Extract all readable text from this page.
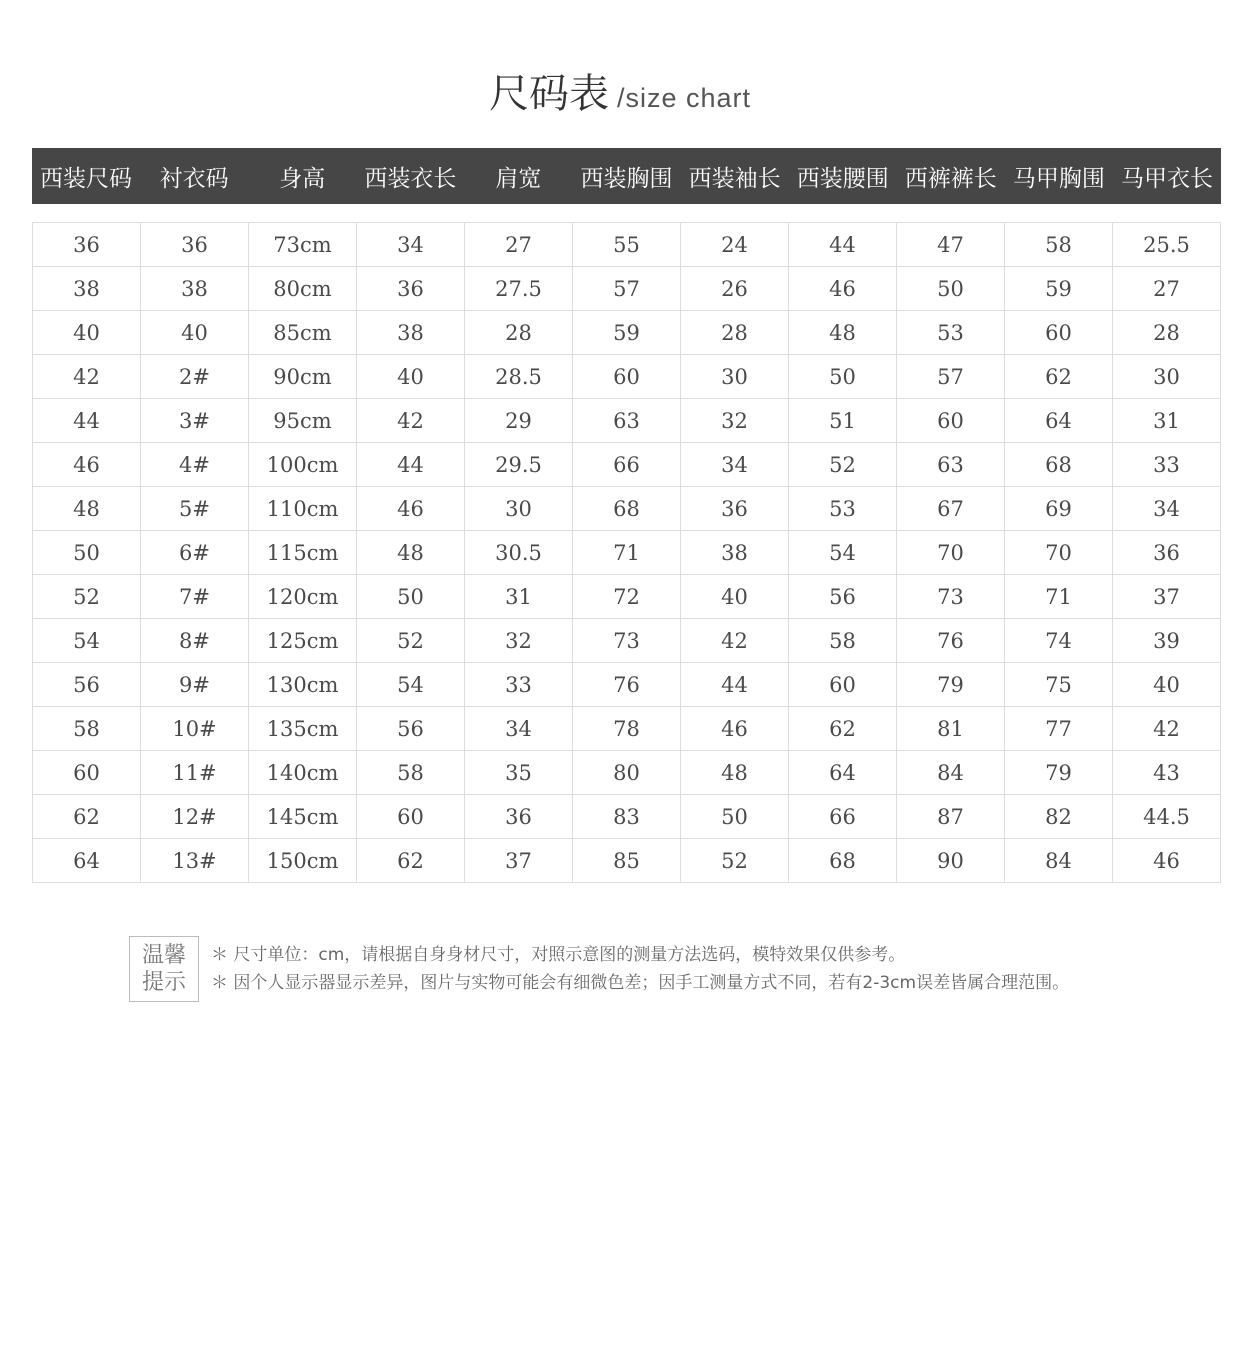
尺码表 /size chart
西装尺码	衬衣码	身高	西装衣长	肩宽	西装胸围 西装袖长 西装腰围 西裤裤长 马甲胸围 马甲衣长
36	36	73cm	34	27	55	24	44	47	58	25.5
38	38	80cm	36	27.5	57	26	46	50	59	27
40	40	85cm	38	28	59	28	48	53	60	28
42	2#	90cm	40	28.5	60	30	50	57	62	30
44	3#	95cm	42	29	63	32	51	60	64	31
46	4#	100cm	44	29.5	66	34	52	63	68	33
48	5#	110cm	46	30	68	36	53	67	69	34
50	6#	115cm	48	30.5	71	38	54	70	70	36
52	7#	120cm	50	31	72	40	56	73	71	37
54	8#	125cm	52	32	73	42	58	76	74	39
56	9#	130cm	54	33	76	44	60	79	75	40
58	10#	135cm	56	34	78	46	62	81	77	42
60	11#	140cm	58	35	80	48	64	84	79	43
62	12#	145cm	60	36	83	50	66	87	82	44.5
64	13#	150cm	62	37	85	52	68	90	84	46
温馨
提示
＊ 尺寸单位：cm，请根据自身身材尺寸，对照示意图的测量方法选码，模特效果仅供参考。
＊ 因个人显示器显示差异，图片与实物可能会有细微色差；因手工测量方式不同，若有2-3cm误差皆属合理范围。
